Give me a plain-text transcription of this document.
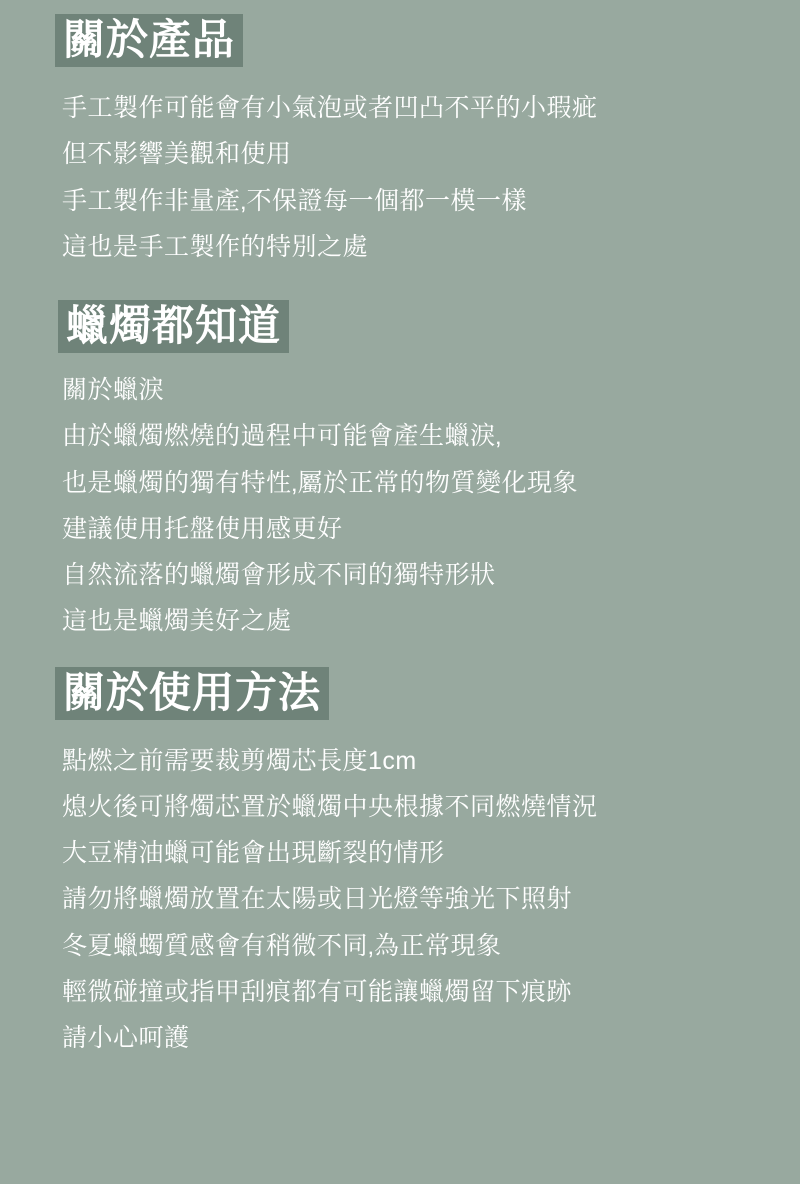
關於產品
手工製作可能會有小氣泡或者凹凸不平的小瑕疵
但不影響美觀和使用
手工製作非量產‚不保證每一個都一模一樣
這也是手工製作的特別之處
蠟燭都知道
關於蠟淚
由於蠟燭燃燒的過程中可能會產生蠟淚‚
也是蠟燭的獨有特性‚屬於正常的物質變化現象
建議使用托盤使用感更好
自然流落的蠟燭會形成不同的獨特形狀
這也是蠟燭美好之處
關於使用方法
點燃之前需要裁剪燭芯長度1cm
熄火後可將燭芯置於蠟燭中央根據不同燃燒情況
大豆精油蠟可能會出現斷裂的情形
請勿將蠟燭放置在太陽或日光燈等強光下照射
冬夏蠟蠋質感會有稍微不同‚為正常現象
輕微碰撞或指甲刮痕都有可能讓蠟燭留下痕跡
請小心呵護
